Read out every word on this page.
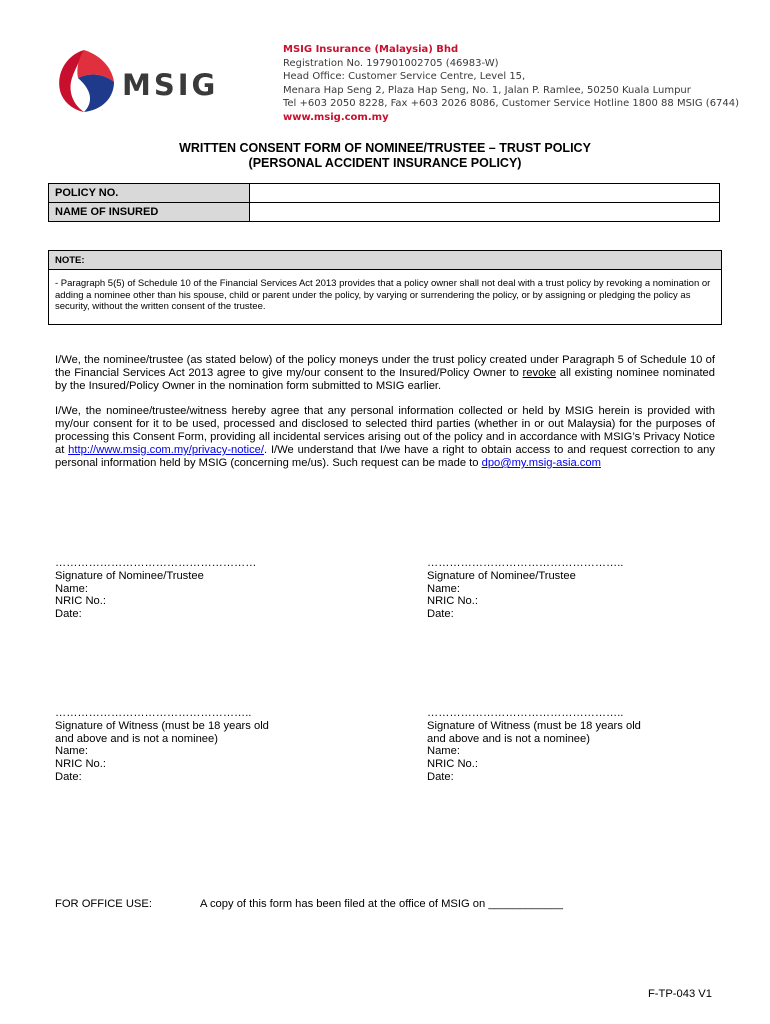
MSIG
MSIG Insurance (Malaysia) Bhd
Registration No. 197901002705 (46983-W)
Head Office: Customer Service Centre, Level 15,
Menara Hap Seng 2, Plaza Hap Seng, No. 1, Jalan P. Ramlee, 50250 Kuala Lumpur
Tel +603 2050 8228, Fax +603 2026 8086, Customer Service Hotline 1800 88 MSIG (6744)
www.msig.com.my
WRITTEN CONSENT FORM OF NOMINEE/TRUSTEE – TRUST POLICY
(PERSONAL ACCIDENT INSURANCE POLICY)
POLICY NO.	
NAME OF INSURED	
NOTE:
- Paragraph 5(5) of Schedule 10 of the Financial Services Act 2013 provides that a policy owner shall not deal with a trust policy by revoking a nomination or adding a nominee other than his spouse, child or parent under the policy, by varying or surrendering the policy, or by assigning or pledging the policy as security, without the written consent of the trustee.
I/We, the nominee/trustee (as stated below) of the policy moneys under the trust policy created under Paragraph 5 of Schedule 10 of the Financial Services Act 2013 agree to give my/our consent to the Insured/Policy Owner to revoke all existing nominee nominated by the Insured/Policy Owner in the nomination form submitted to MSIG earlier.
I/We, the nominee/trustee/witness hereby agree that any personal information collected or held by MSIG herein is provided with my/our consent for it to be used, processed and disclosed to selected third parties (whether in or out Malaysia) for the purposes of processing this Consent Form, providing all incidental services arising out of the policy and in accordance with MSIG’s Privacy Notice at http://www.msig.com.my/privacy-notice/. I/We understand that I/we have a right to obtain access to and request correction to any personal information held by MSIG (concerning me/us). Such request can be made to dpo@my.msig-asia.com
………………………………………………
Signature of Nominee/Trustee
Name:
NRIC No.:
Date:
……………………………………………..
Signature of Nominee/Trustee
Name:
NRIC No.:
Date:
……………………………………………..
Signature of Witness (must be 18 years old
and above and is not a nominee)
Name:
NRIC No.:
Date:
……………………………………………..
Signature of Witness (must be 18 years old
and above and is not a nominee)
Name:
NRIC No.:
Date:
FOR OFFICE USE:	A copy of this form has been filed at the office of MSIG on ____________
F-TP-043 V1
